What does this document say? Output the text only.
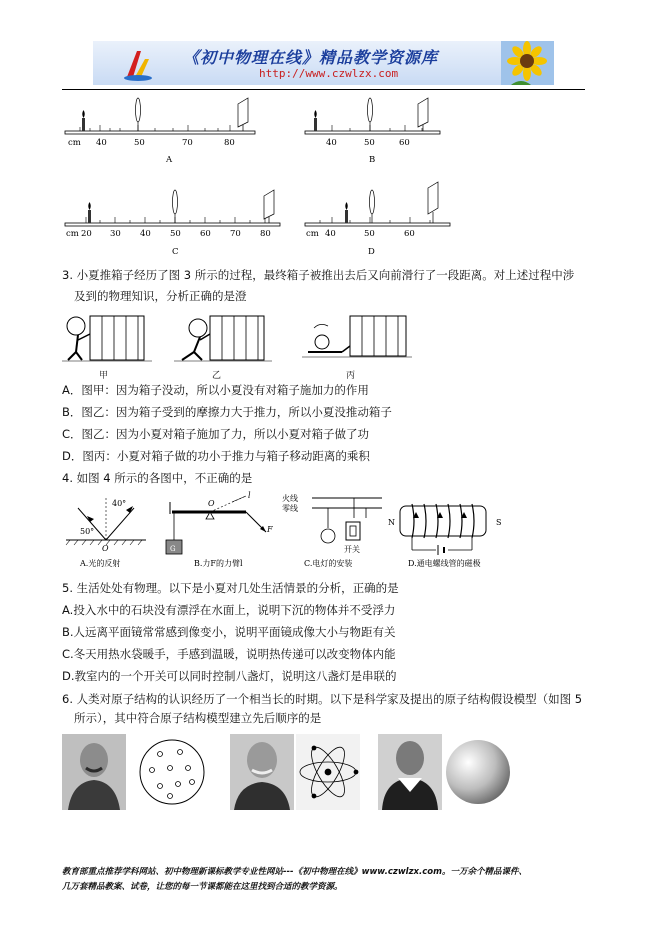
《初中物理在线》精品教学资源库
http://www.czwlzx.com
cm 40	50	70	80
A
40	50	60
B
cm 20 30 40 50 60 70 80
C
cm 40	50	60
D
3. 小夏推箱子经历了图 3 所示的过程，最终箱子被推出去后又向前滑行了一段距离。对上述过程中涉
及到的物理知识，分析正确的是澄
甲	乙	丙
A．图甲：因为箱子没动，所以小夏没有对箱子施加力的作用
B．图乙：因为箱子受到的摩擦力大于推力，所以小夏没推动箱子
C．图乙：因为小夏对箱子施加了力，所以小夏对箱子做了功
D．图丙：小夏对箱子做的功小于推力与箱子移动距离的乘积
4. 如图 4 所示的各图中，不正确的是
40°
50°
O
A.光的反射
O
l
F
G
B.力F的力臂l
火线
零线
开关
C.电灯的安装
N	S
D.通电螺线管的磁极
5. 生活处处有物理。以下是小夏对几处生活情景的分析，正确的是
A.投入水中的石块没有漂浮在水面上，说明下沉的物体并不受浮力
B.人远离平面镜常常感到像变小，说明平面镜成像大小与物距有关
C.冬天用热水袋暖手，手感到温暖，说明热传递可以改变物体内能
D.教室内的一个开关可以同时控制八盏灯，说明这八盏灯是串联的
6. 人类对原子结构的认识经历了一个相当长的时期。以下是科学家及提出的原子结构假设模型（如图 5
所示），其中符合原子结构模型建立先后顺序的是
教育部重点推荐学科网站、初中物理新课标教学专业性网站---《初中物理在线》www.czwlzx.com。一万余个精品课件、
几万套精品教案、试卷，让您的每一节课都能在这里找到合适的教学资源。
